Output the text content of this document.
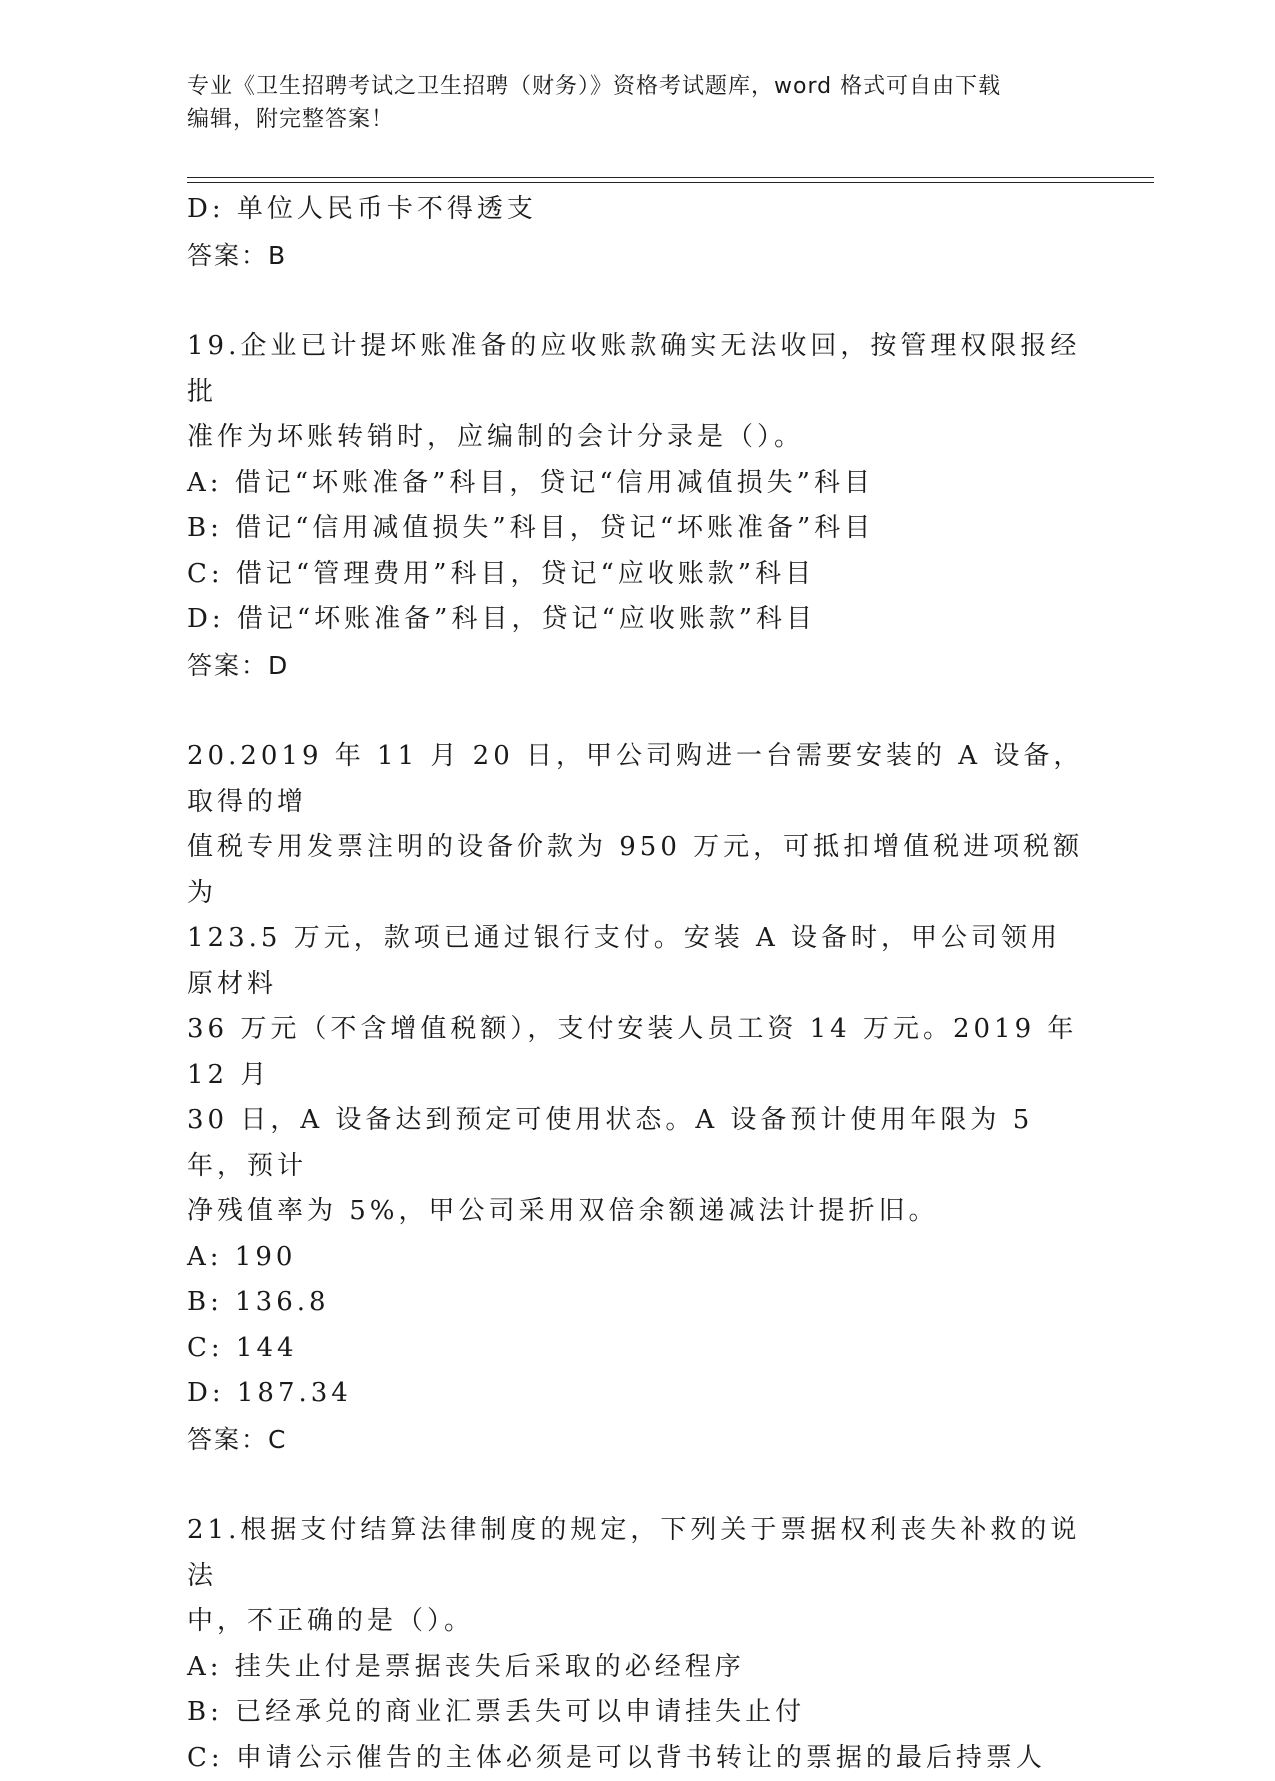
专业《卫生招聘考试之卫生招聘（财务）》资格考试题库，word 格式可自由下载
编辑，附完整答案！
D: 单位人民币卡不得透支
答案：B
19.企业已计提坏账准备的应收账款确实无法收回，按管理权限报经批
准作为坏账转销时，应编制的会计分录是（）。
A: 借记“坏账准备”科目，贷记“信用减值损失”科目
B: 借记“信用减值损失”科目，贷记“坏账准备”科目
C: 借记“管理费用”科目，贷记“应收账款”科目
D: 借记“坏账准备”科目，贷记“应收账款”科目
答案：D
20.2019 年 11 月 20 日，甲公司购进一台需要安装的 A 设备，取得的增
值税专用发票注明的设备价款为 950 万元，可抵扣增值税进项税额为
123.5 万元，款项已通过银行支付。安装 A 设备时，甲公司领用原材料
36 万元（不含增值税额），支付安装人员工资 14 万元。2019 年 12 月
30 日，A 设备达到预定可使用状态。A 设备预计使用年限为 5 年，预计
净残值率为 5%，甲公司采用双倍余额递减法计提折旧。
A: 190
B: 136.8
C: 144
D: 187.34
答案：C
21.根据支付结算法律制度的规定，下列关于票据权利丧失补救的说法
中，不正确的是（）。
A: 挂失止付是票据丧失后采取的必经程序
B: 已经承兑的商业汇票丢失可以申请挂失止付
C: 申请公示催告的主体必须是可以背书转让的票据的最后持票人
